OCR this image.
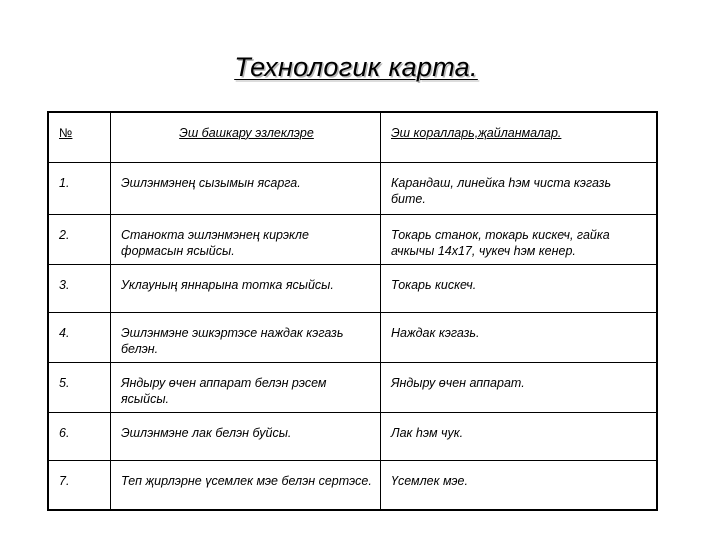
Технологик карта.
№	Эш башкару эзлеклэре	Эш коралларь,җайланмалар.
1.	Эшлэнмэнең сызымын ясарга.	Карандаш, линейка hэм чиста кэгазь бите.
2.	Станокта эшлэнмэнең кирэкле формасын ясыйсы.	Токарь станок, токарь кискеч, гайка ачкычы 14x17, чукеч hэм кенер.
3.	Уклауның яннарына тотка ясыйсы.	Токарь кискеч.
4.	Эшлэнмэне эшкэртэсе наждак кэгазь белэн.	Наждак кэгазь.
5.	Яндыру өчен аппарат белэн рэсем ясыйсы.	Яндыру өчен аппарат.
6.	Эшлэнмэне лак белэн буйсы.	Лак hэм чук.
7.	Теп җирлэрне үсемлек мэе белэн сертэсе.	Үсемлек мэе.
